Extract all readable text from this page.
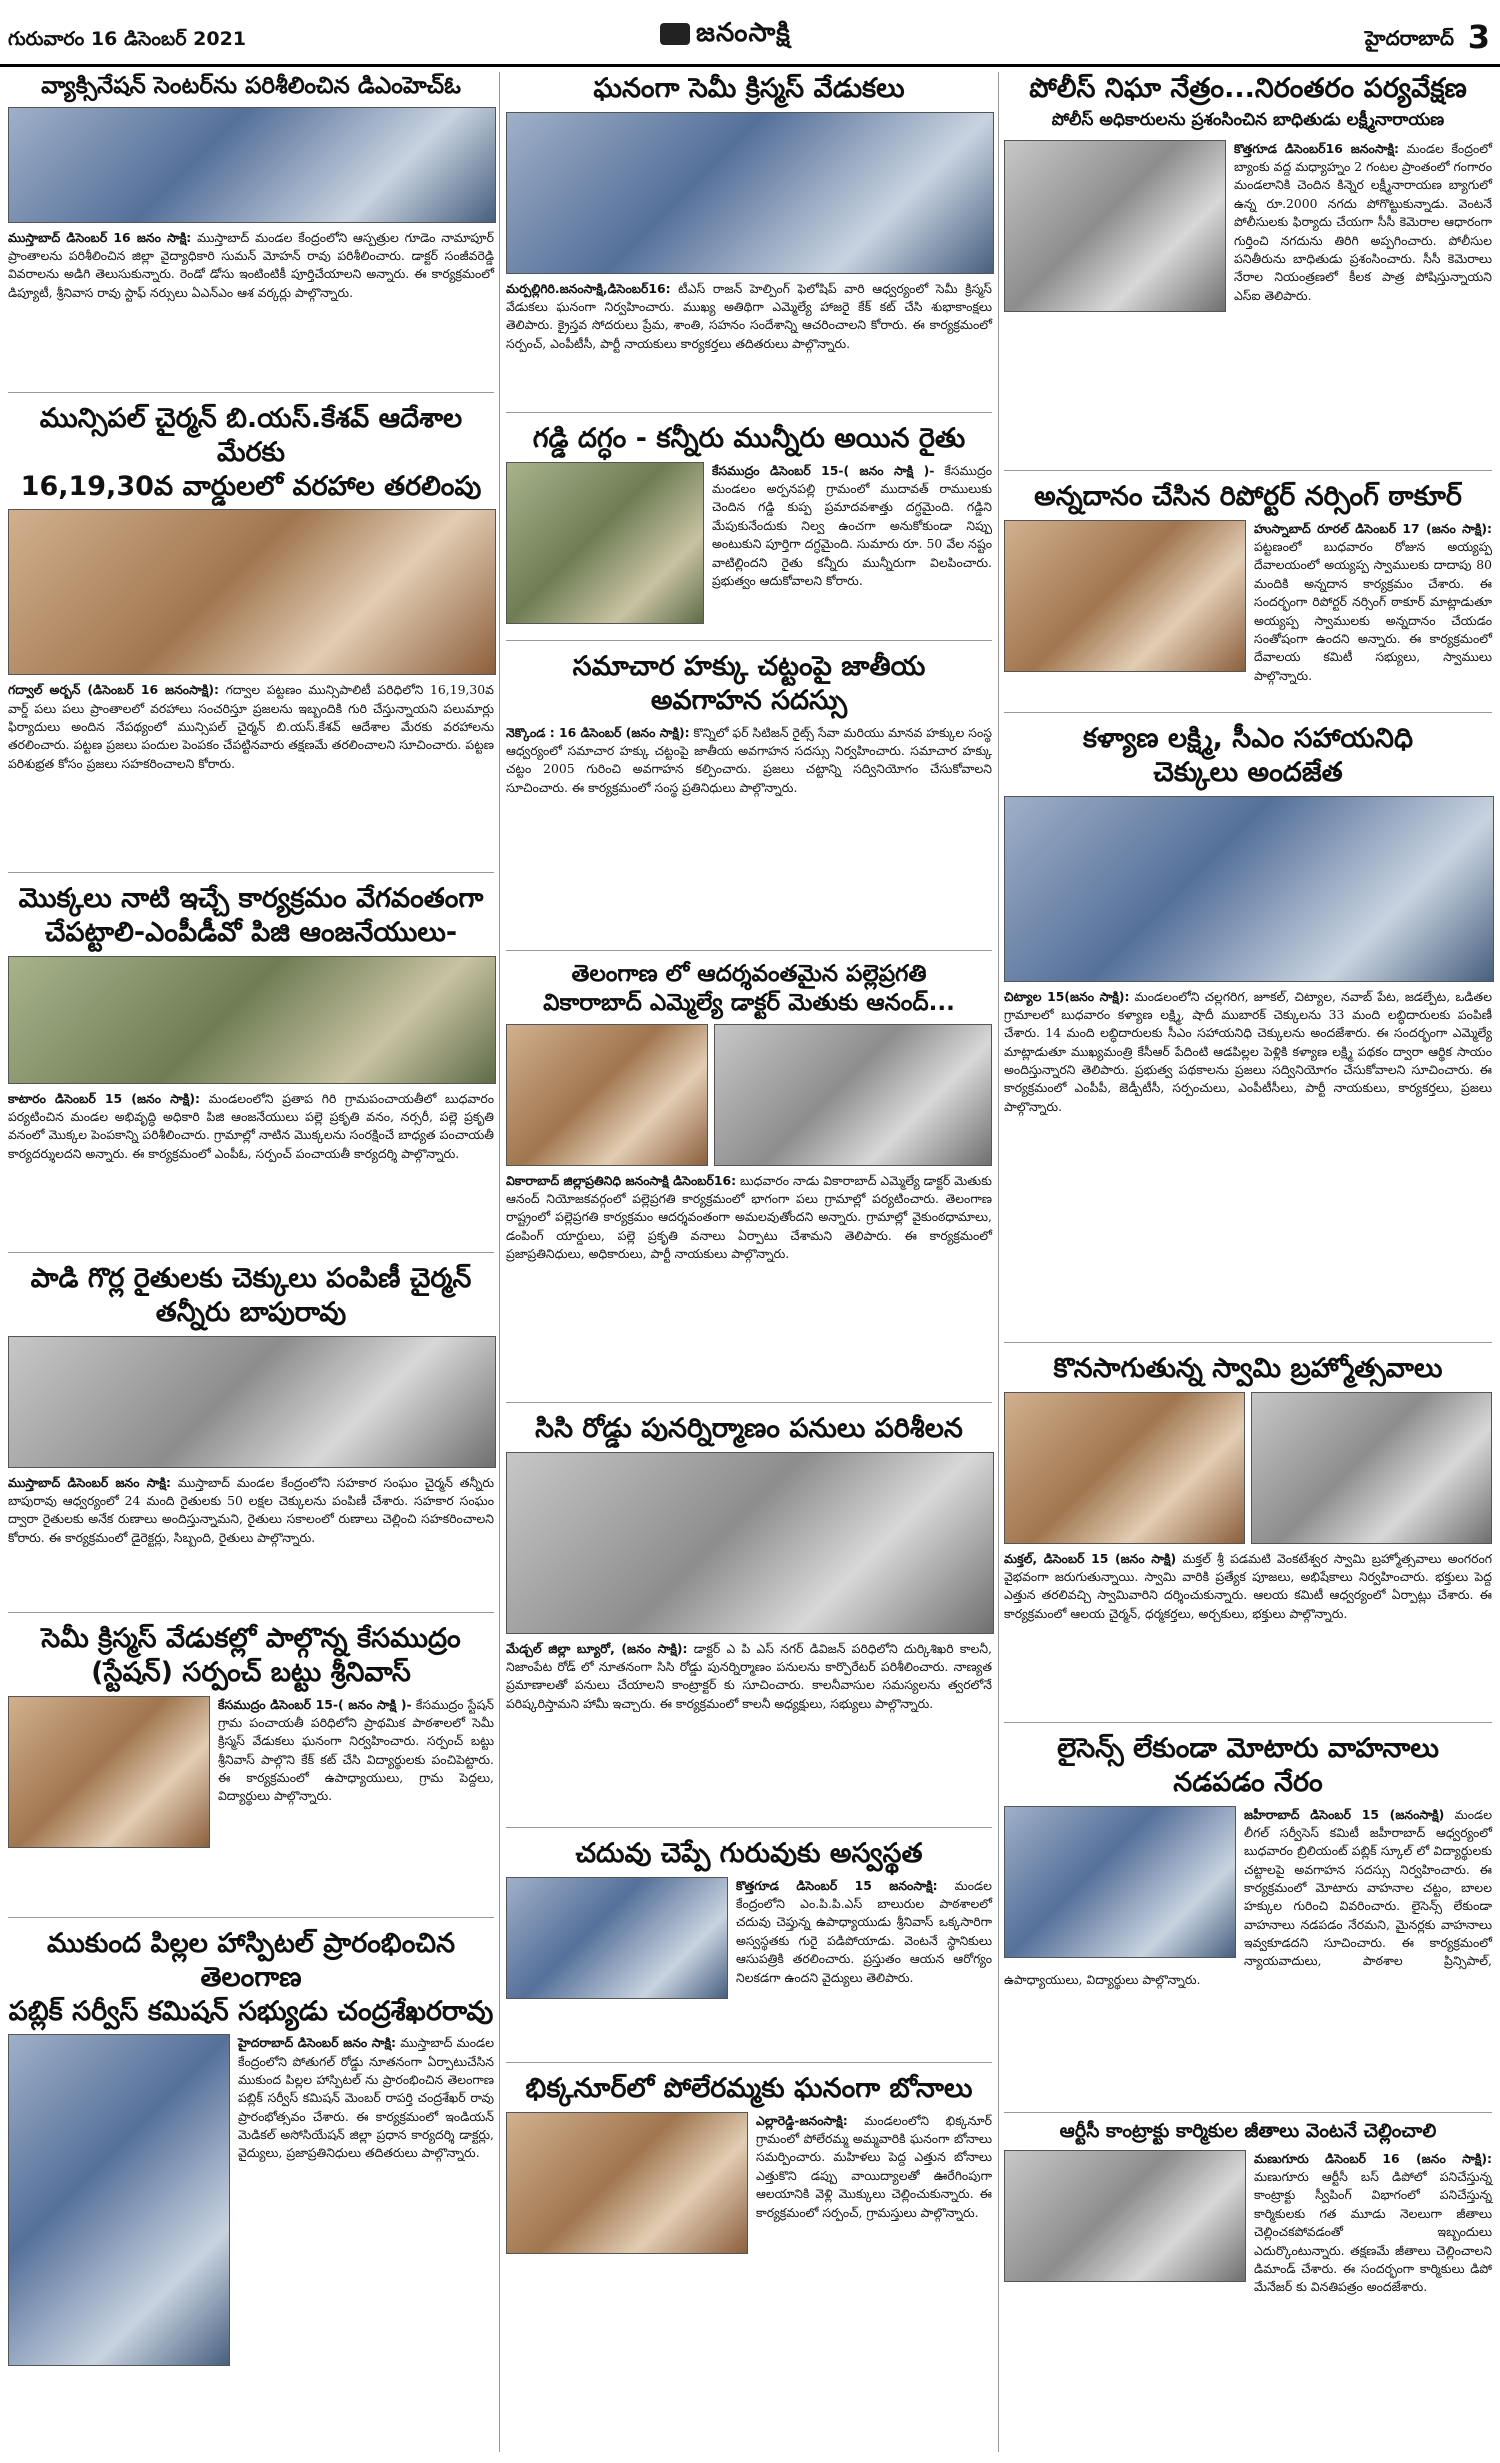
గురువారం 16 డిసెంబర్ 2021	జనంసాక్షి	హైదరాబాద్ 3
వ్యాక్సినేషన్ సెంటర్‌ను పరిశీలించిన డిఎంహెచ్‌ఓ

ముస్తాబాద్ డిసెంబర్ 16 జనం సాక్షి: ముస్తాబాద్ మండల కేంద్రంలోని ఆస్పత్రుల గూడెం నామాపూర్ ప్రాంతాలను పరిశీలించిన జిల్లా వైద్యాధికారి సుమన్ మోహన్ రావు పరిశీలించారు. డాక్టర్ సంజీవరెడ్డి వివరాలను అడిగి తెలుసుకున్నారు. రెండో డోసు ఇంటింటికీ పూర్తిచేయాలని అన్నారు. ఈ కార్యక్రమంలో డిప్యూటీ, శ్రీనివాస రావు స్టాఫ్ నర్సులు ఏఎన్ఎం ఆశ వర్కర్లు పాల్గొన్నారు.

మున్సిపల్ చైర్మన్ బి.యస్.కేశవ్ ఆదేశాల మేరకు
16,19,30వ వార్డులలో వరహాల తరలింపు

గద్వాల్ అర్బన్ (డిసెంబర్ 16 జనంసాక్షి): గద్వాల పట్టణం మున్సిపాలిటీ పరిధిలోని 16,19,30వ వార్డ్ పలు పలు ప్రాంతాలలో వరహాలు సంచరిస్తూ ప్రజలను ఇబ్బందికి గురి చేస్తున్నాయని పలుమార్లు ఫిర్యాదులు అందిన నేపథ్యంలో మున్సిపల్ చైర్మన్ బి.యస్.కేశవ్ ఆదేశాల మేరకు వరహాలను తరలించారు. పట్టణ ప్రజలు పందుల పెంపకం చేపట్టినవారు తక్షణమే తరలించాలని సూచించారు. పట్టణ పరిశుభ్రత కోసం ప్రజలు సహకరించాలని కోరారు.

మొక్కలు నాటి ఇచ్చే కార్యక్రమం వేగవంతంగా
చేపట్టాలి-ఎంపీడీవో పిజి ఆంజనేయులు-

కాటారం డిసెంబర్ 15 (జనం సాక్షి): మండలంలోని ప్రతాప గిరి గ్రామపంచాయతీలో బుధవారం పర్యటించిన మండల అభివృద్ధి అధికారి పిజి ఆంజనేయులు పల్లె ప్రకృతి వనం, నర్సరీ, పల్లె ప్రకృతి వనంలో మొక్కల పెంపకాన్ని పరిశీలించారు. గ్రామాల్లో నాటిన మొక్కలను సంరక్షించే బాధ్యత పంచాయతీ కార్యదర్శులదని అన్నారు. ఈ కార్యక్రమంలో ఎంపీఓ, సర్పంచ్ పంచాయతీ కార్యదర్శి పాల్గొన్నారు.

పాడి గొర్ల రైతులకు చెక్కులు పంపిణీ చైర్మన్
తన్నీరు బాపురావు

ముస్తాబాద్ డిసెంబర్ జనం సాక్షి: ముస్తాబాద్ మండల కేంద్రంలోని సహకార సంఘం చైర్మన్ తన్నీరు బాపురావు ఆధ్వర్యంలో 24 మంది రైతులకు 50 లక్షల చెక్కులను పంపిణీ చేశారు. సహకార సంఘం ద్వారా రైతులకు అనేక రుణాలు అందిస్తున్నామని, రైతులు సకాలంలో రుణాలు చెల్లించి సహకరించాలని కోరారు. ఈ కార్యక్రమంలో డైరెక్టర్లు, సిబ్బంది, రైతులు పాల్గొన్నారు.

సెమీ క్రిస్మస్ వేడుకల్లో పాల్గొన్న కేసముద్రం
(స్టేషన్) సర్పంచ్ బట్టు శ్రీనివాస్

కేసముద్రం డిసెంబర్ 15-( జనం సాక్షి )- కేసముద్రం స్టేషన్ గ్రామ పంచాయతీ పరిధిలోని ప్రాథమిక పాఠశాలలో సెమీ క్రిస్మస్ వేడుకలు ఘనంగా నిర్వహించారు. సర్పంచ్ బట్టు శ్రీనివాస్ పాల్గొని కేక్ కట్ చేసి విద్యార్థులకు పంచిపెట్టారు. ఈ కార్యక్రమంలో ఉపాధ్యాయులు, గ్రామ పెద్దలు, విద్యార్థులు పాల్గొన్నారు.

ముకుంద పిల్లల హాస్పిటల్ ప్రారంభించిన తెలంగాణ
పబ్లిక్ సర్వీస్ కమిషన్ సభ్యుడు చంద్రశేఖరరావు

హైదరాబాద్ డిసెంబర్ జనం సాక్షి: ముస్తాబాద్ మండల కేంద్రంలోని పోతుగల్ రోడ్డు నూతనంగా ఏర్పాటుచేసిన ముకుంద పిల్లల హాస్పిటల్ ను ప్రారంభించిన తెలంగాణ పబ్లిక్ సర్వీస్ కమిషన్ మెంబర్ రాపర్తి చంద్రశేఖర్ రావు ప్రారంభోత్సవం చేశారు. ఈ కార్యక్రమంలో ఇండియన్ మెడికల్ అసోసియేషన్ జిల్లా ప్రధాన కార్యదర్శి డాక్టర్లు, వైద్యులు, ప్రజాప్రతినిధులు తదితరులు పాల్గొన్నారు.

ఘనంగా సెమీ క్రిస్మస్ వేడుకలు

మర్పల్లిగిరి.జనంసాక్షి,డిసెంబర్16: టీఎస్ రాజన్ హెల్పింగ్ ఫెలోషిప్ వారి ఆధ్వర్యంలో సెమీ క్రిస్మస్ వేడుకలు ఘనంగా నిర్వహించారు. ముఖ్య అతిథిగా ఎమ్మెల్యే హాజరై కేక్ కట్ చేసి శుభాకాంక్షలు తెలిపారు. క్రైస్తవ సోదరులు ప్రేమ, శాంతి, సహనం సందేశాన్ని ఆచరించాలని కోరారు. ఈ కార్యక్రమంలో సర్పంచ్, ఎంపీటీసీ, పార్టీ నాయకులు కార్యకర్తలు తదితరులు పాల్గొన్నారు.

గడ్డి దగ్ధం - కన్నీరు మున్నీరు అయిన రైతు

కేసముద్రం డిసెంబర్ 15-( జనం సాక్షి )- కేసముద్రం మండలం అర్పనపల్లి గ్రామంలో ముదావత్ రాములుకు చెందిన గడ్డి కుప్ప ప్రమాదవశాత్తు దగ్ధమైంది. గడ్డిని మేపుకునేందుకు నిల్వ ఉంచగా అనుకోకుండా నిప్పు అంటుకుని పూర్తిగా దగ్ధమైంది. సుమారు రూ. 50 వేల నష్టం వాటిల్లిందని రైతు కన్నీరు మున్నీరుగా విలపించారు. ప్రభుత్వం ఆదుకోవాలని కోరారు.

సమాచార హక్కు చట్టంపై జాతీయ
అవగాహన సదస్సు

నెక్కొండ : 16 డిసెంబర్ (జనం సాక్షి): కొన్నిలో ఫర్ సిటిజన్ రైట్స్ సేవా మరియు మానవ హక్కుల సంస్థ ఆధ్వర్యంలో సమాచార హక్కు చట్టంపై జాతీయ అవగాహన సదస్సు నిర్వహించారు. సమాచార హక్కు చట్టం 2005 గురించి అవగాహన కల్పించారు. ప్రజలు చట్టాన్ని సద్వినియోగం చేసుకోవాలని సూచించారు. ఈ కార్యక్రమంలో సంస్థ ప్రతినిధులు పాల్గొన్నారు.

తెలంగాణ లో ఆదర్శవంతమైన పల్లెప్రగతి
వికారాబాద్ ఎమ్మెల్యే డాక్టర్ మెతుకు ఆనంద్...

వికారాబాద్ జిల్లాప్రతినిధి జనంసాక్షి డిసెంబర్16: బుధవారం నాడు వికారాబాద్ ఎమ్మెల్యే డాక్టర్ మెతుకు ఆనంద్ నియోజకవర్గంలో పల్లెప్రగతి కార్యక్రమంలో భాగంగా పలు గ్రామాల్లో పర్యటించారు. తెలంగాణ రాష్ట్రంలో పల్లెప్రగతి కార్యక్రమం ఆదర్శవంతంగా అమలవుతోందని అన్నారు. గ్రామాల్లో వైకుంఠధామాలు, డంపింగ్ యార్డులు, పల్లె ప్రకృతి వనాలు ఏర్పాటు చేశామని తెలిపారు. ఈ కార్యక్రమంలో ప్రజాప్రతినిధులు, అధికారులు, పార్టీ నాయకులు పాల్గొన్నారు.

సిసి రోడ్డు పునర్నిర్మాణం పనులు పరిశీలన

మేడ్చల్ జిల్లా బ్యూరో, (జనం సాక్షి): డాక్టర్ ఎ పి ఎస్ నగర్ డివిజన్ పరిధిలోని దుర్కిశిఖరి కాలనీ, నిజాంపేట రోడ్ లో నూతనంగా సిసి రోడ్డు పునర్నిర్మాణం పనులను కార్పొరేటర్ పరిశీలించారు. నాణ్యత ప్రమాణాలతో పనులు చేయాలని కాంట్రాక్టర్ కు సూచించారు. కాలనీవాసుల సమస్యలను త్వరలోనే పరిష్కరిస్తామని హామీ ఇచ్చారు. ఈ కార్యక్రమంలో కాలనీ అధ్యక్షులు, సభ్యులు పాల్గొన్నారు.

చదువు చెప్పే గురువుకు అస్వస్థత

కొత్తగూడ డిసెంబర్ 15 జనంసాక్షి: మండల కేంద్రంలోని ఎం.పి.పి.ఎస్ బాలురుల పాఠశాలలో చదువు చెప్తున్న ఉపాధ్యాయుడు శ్రీనివాస్ ఒక్కసారిగా అస్వస్థతకు గురై పడిపోయాడు. వెంటనే స్థానికులు ఆసుపత్రికి తరలించారు. ప్రస్తుతం ఆయన ఆరోగ్యం నిలకడగా ఉందని వైద్యులు తెలిపారు.

భిక్కనూర్‌లో పోలేరమ్మకు ఘనంగా బోనాలు

ఎల్లారెడ్డి-జనంసాక్షి: మండలంలోని భిక్కనూర్ గ్రామంలో పోలేరమ్మ అమ్మవారికి ఘనంగా బోనాలు సమర్పించారు. మహిళలు పెద్ద ఎత్తున బోనాలు ఎత్తుకొని డప్పు వాయిద్యాలతో ఊరేగింపుగా ఆలయానికి వెళ్లి మొక్కులు చెల్లించుకున్నారు. ఈ కార్యక్రమంలో సర్పంచ్, గ్రామస్తులు పాల్గొన్నారు.

పోలీస్ నిఘా నేత్రం...నిరంతరం పర్యవేక్షణ
పోలీస్ అధికారులను ప్రశంసించిన బాధితుడు లక్ష్మీనారాయణ

కొత్తగూడ డిసెంబర్16 జనంసాక్షి: మండల కేంద్రంలో బ్యాంకు వద్ద మధ్యాహ్నం 2 గంటల ప్రాంతంలో గంగారం మండలానికి చెందిన కిన్నెర లక్ష్మీనారాయణ బ్యాగులో ఉన్న రూ.2000 నగదు పోగొట్టుకున్నాడు. వెంటనే పోలీసులకు ఫిర్యాదు చేయగా సీసీ కెమెరాల ఆధారంగా గుర్తించి నగదును తిరిగి అప్పగించారు. పోలీసుల పనితీరును బాధితుడు ప్రశంసించారు. సీసీ కెమెరాలు నేరాల నియంత్రణలో కీలక పాత్ర పోషిస్తున్నాయని ఎస్ఐ తెలిపారు.

అన్నదానం చేసిన రిపోర్టర్ నర్సింగ్ ఠాకూర్

హుస్నాబాద్ రూరల్ డిసెంబర్ 17 (జనం సాక్షి): పట్టణంలో బుధవారం రోజున అయ్యప్ప దేవాలయంలో అయ్యప్ప స్వాములకు దాదాపు 80 మందికి అన్నదాన కార్యక్రమం చేశారు. ఈ సందర్భంగా రిపోర్టర్ నర్సింగ్ ఠాకూర్ మాట్లాడుతూ అయ్యప్ప స్వాములకు అన్నదానం చేయడం సంతోషంగా ఉందని అన్నారు. ఈ కార్యక్రమంలో దేవాలయ కమిటీ సభ్యులు, స్వాములు పాల్గొన్నారు.

కళ్యాణ లక్ష్మి, సీఎం సహాయనిధి
చెక్కులు అందజేత

చిట్యాల 15(జనం సాక్షి): మండలంలోని చల్లగరిగ, జూకల్, చిట్యాల, నవాబ్ పేట, జడల్పేట, ఒడితల గ్రామాలలో బుధవారం కళ్యాణ లక్ష్మి, షాదీ ముబారక్ చెక్కులను 33 మంది లబ్ధిదారులకు పంపిణీ చేశారు. 14 మంది లబ్ధిదారులకు సీఎం సహాయనిధి చెక్కులను అందజేశారు. ఈ సందర్భంగా ఎమ్మెల్యే మాట్లాడుతూ ముఖ్యమంత్రి కేసీఆర్ పేదింటి ఆడపిల్లల పెళ్లికి కళ్యాణ లక్ష్మి పథకం ద్వారా ఆర్థిక సాయం అందిస్తున్నారని తెలిపారు. ప్రభుత్వ పథకాలను ప్రజలు సద్వినియోగం చేసుకోవాలని సూచించారు. ఈ కార్యక్రమంలో ఎంపీపీ, జెడ్పీటీసీ, సర్పంచులు, ఎంపీటీసీలు, పార్టీ నాయకులు, కార్యకర్తలు, ప్రజలు పాల్గొన్నారు.

కొనసాగుతున్న స్వామి బ్రహ్మోత్సవాలు

మక్తల్, డిసెంబర్ 15 (జనం సాక్షి) మక్తల్ శ్రీ పడమటి వెంకటేశ్వర స్వామి బ్రహ్మోత్సవాలు అంగరంగ వైభవంగా జరుగుతున్నాయి. స్వామి వారికి ప్రత్యేక పూజలు, అభిషేకాలు నిర్వహించారు. భక్తులు పెద్ద ఎత్తున తరలివచ్చి స్వామివారిని దర్శించుకున్నారు. ఆలయ కమిటీ ఆధ్వర్యంలో ఏర్పాట్లు చేశారు. ఈ కార్యక్రమంలో ఆలయ చైర్మన్, ధర్మకర్తలు, అర్చకులు, భక్తులు పాల్గొన్నారు.

లైసెన్స్ లేకుండా మోటారు వాహనాలు
నడపడం నేరం

జహీరాబాద్ డిసెంబర్ 15 (జనంసాక్షి) మండల లీగల్ సర్వీసెస్ కమిటీ జహీరాబాద్ ఆధ్వర్యంలో బుధవారం బ్రిలియంట్ పబ్లిక్ స్కూల్ లో విద్యార్థులకు చట్టాలపై అవగాహన సదస్సు నిర్వహించారు. ఈ కార్యక్రమంలో మోటారు వాహనాల చట్టం, బాలల హక్కుల గురించి వివరించారు. లైసెన్స్ లేకుండా వాహనాలు నడపడం నేరమని, మైనర్లకు వాహనాలు ఇవ్వకూడదని సూచించారు. ఈ కార్యక్రమంలో న్యాయవాదులు, పాఠశాల ప్రిన్సిపాల్, ఉపాధ్యాయులు, విద్యార్థులు పాల్గొన్నారు.

ఆర్టీసీ కాంట్రాక్టు కార్మికుల జీతాలు వెంటనే చెల్లించాలి

మణుగూరు డిసెంబర్ 16 (జనం సాక్షి): మణుగూరు ఆర్టీసీ బస్ డిపోలో పనిచేస్తున్న కాంట్రాక్టు స్వీపింగ్ విభాగంలో పనిచేస్తున్న కార్మికులకు గత మూడు నెలలుగా జీతాలు చెల్లించకపోవడంతో ఇబ్బందులు ఎదుర్కొంటున్నారు. తక్షణమే జీతాలు చెల్లించాలని డిమాండ్ చేశారు. ఈ సందర్భంగా కార్మికులు డిపో మేనేజర్ కు వినతిపత్రం అందజేశారు.
